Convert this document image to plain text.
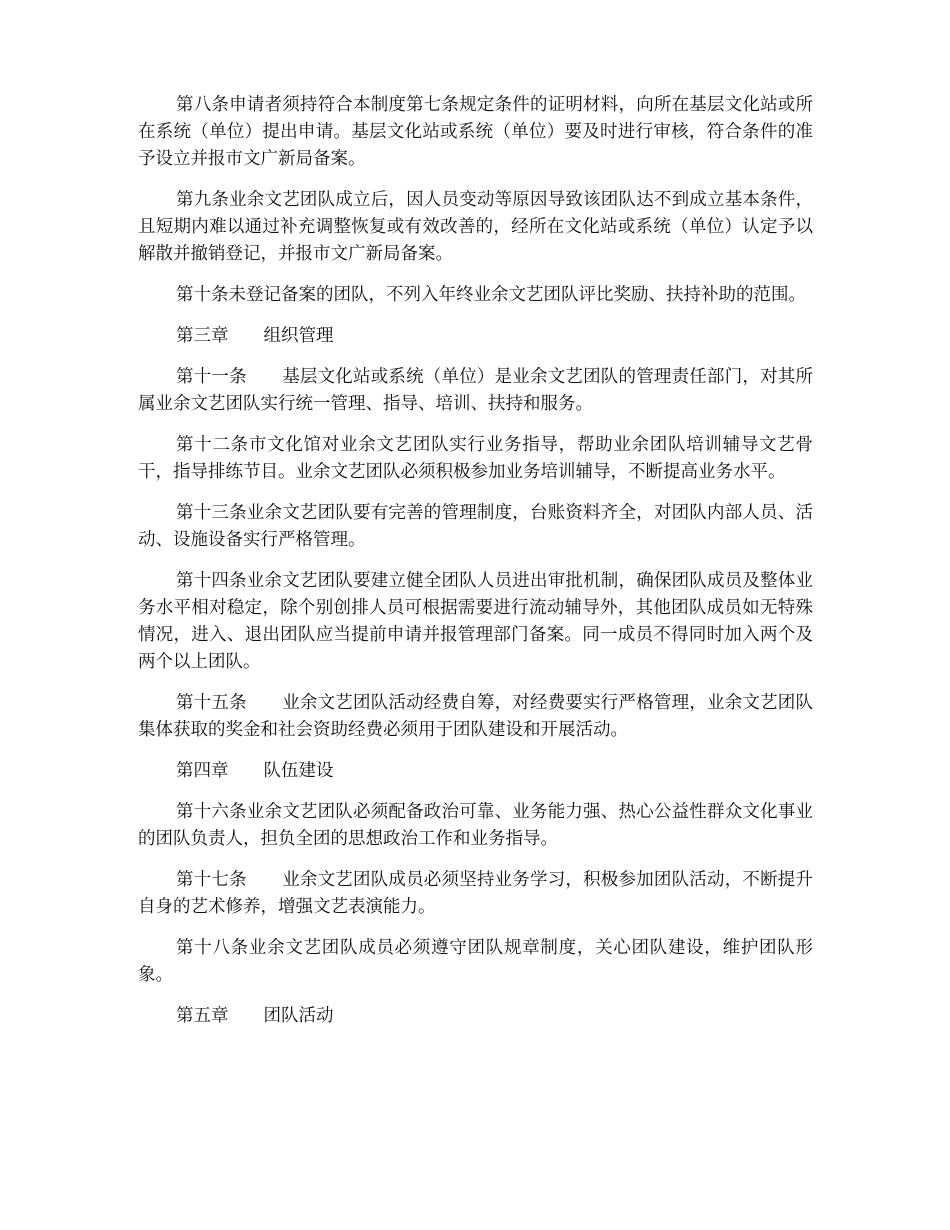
第八条申请者须持符合本制度第七条规定条件的证明材料，向所在基层文化站或所在系统（单位）提出申请。基层文化站或系统（单位）要及时进行审核，符合条件的准予设立并报市文广新局备案。

第九条业余文艺团队成立后，因人员变动等原因导致该团队达不到成立基本条件，且短期内难以通过补充调整恢复或有效改善的，经所在文化站或系统（单位）认定予以解散并撤销登记，并报市文广新局备案。

第十条未登记备案的团队，不列入年终业余文艺团队评比奖励、扶持补助的范围。

第三章　　组织管理

第十一条　　基层文化站或系统（单位）是业余文艺团队的管理责任部门，对其所属业余文艺团队实行统一管理、指导、培训、扶持和服务。

第十二条市文化馆对业余文艺团队实行业务指导，帮助业余团队培训辅导文艺骨干，指导排练节目。业余文艺团队必须积极参加业务培训辅导，不断提高业务水平。

第十三条业余文艺团队要有完善的管理制度，台账资料齐全，对团队内部人员、活动、设施设备实行严格管理。

第十四条业余文艺团队要建立健全团队人员进出审批机制，确保团队成员及整体业务水平相对稳定，除个别创排人员可根据需要进行流动辅导外，其他团队成员如无特殊情况，进入、退出团队应当提前申请并报管理部门备案。同一成员不得同时加入两个及两个以上团队。

第十五条　　业余文艺团队活动经费自筹，对经费要实行严格管理，业余文艺团队集体获取的奖金和社会资助经费必须用于团队建设和开展活动。

第四章　　队伍建设

第十六条业余文艺团队必须配备政治可靠、业务能力强、热心公益性群众文化事业的团队负责人，担负全团的思想政治工作和业务指导。

第十七条　　业余文艺团队成员必须坚持业务学习，积极参加团队活动，不断提升自身的艺术修养，增强文艺表演能力。

第十八条业余文艺团队成员必须遵守团队规章制度，关心团队建设，维护团队形象。

第五章　　团队活动
